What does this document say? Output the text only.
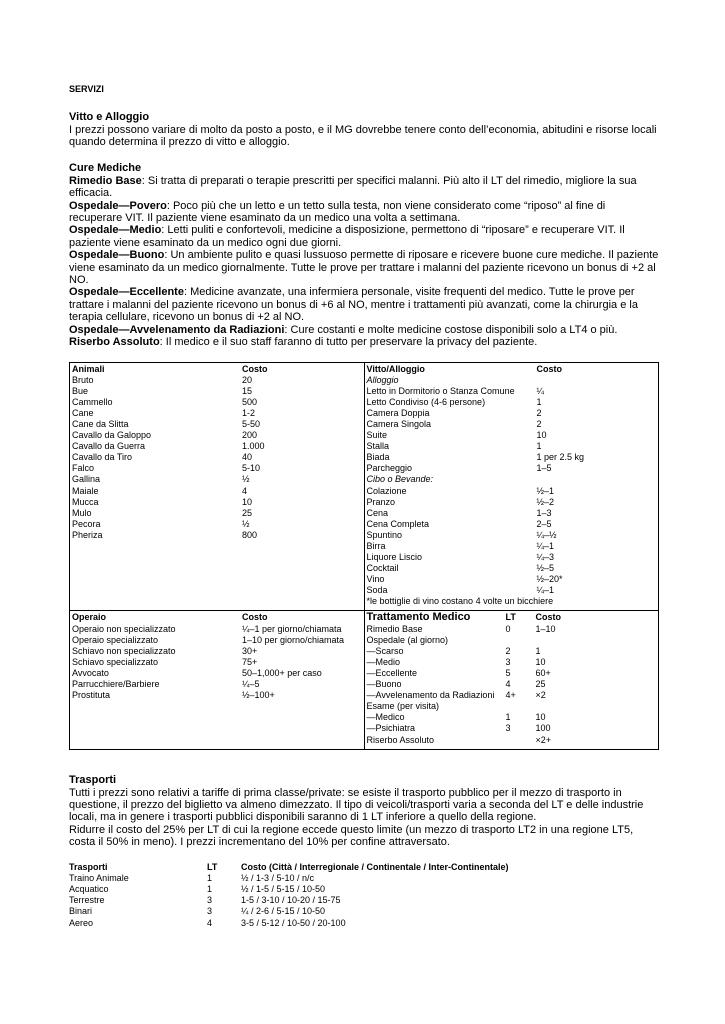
SERVIZI
Vitto e Alloggio
I prezzi possono variare di molto da posto a posto, e il MG dovrebbe tenere conto dell’economia, abitudini e risorse locali quando determina il prezzo di vitto e alloggio.
Cure Mediche
Rimedio Base: Si tratta di preparati o terapie prescritti per specifici malanni. Più alto il LT del rimedio, migliore la sua efficacia.
Ospedale—Povero: Poco più che un letto e un tetto sulla testa, non viene considerato come “riposo” al fine di recuperare VIT. Il paziente viene esaminato da un medico una volta a settimana.
Ospedale—Medio: Letti puliti e confortevoli, medicine a disposizione, permettono di “riposare” e recuperare VIT. Il paziente viene esaminato da un medico ogni due giorni.
Ospedale—Buono: Un ambiente pulito e quasi lussuoso permette di riposare e ricevere buone cure mediche. Il paziente viene esaminato da un medico giornalmente. Tutte le prove per trattare i malanni del paziente ricevono un bonus di +2 al NO.
Ospedale—Eccellente: Medicine avanzate, una infermiera personale, visite frequenti del medico. Tutte le prove per trattare i malanni del paziente ricevono un bonus di +6 al NO, mentre i trattamenti più avanzati, come la chirurgia e la terapia cellulare, ricevono un bonus di +2 al NO.
Ospedale—Avvelenamento da Radiazioni: Cure costanti e molte medicine costose disponibili solo a LT4 o più.
Riserbo Assoluto: Il medico e il suo staff faranno di tutto per preservare la privacy del paziente.
Animali	Costo
Bruto	20
Bue	15
Cammello	500
Cane	1-2
Cane da Slitta	5-50
Cavallo da Galoppo	200
Cavallo da Guerra	1.000
Cavallo da Tiro	40
Falco	5-10
Gallina	½
Maiale	4
Mucca	10
Mulo	25
Pecora	½
Pheriza	800

Vitto/Alloggio	Costo
Alloggio	
Letto in Dormitorio o Stanza Comune	¼
Letto Condiviso (4-6 persone)	1
Camera Doppia	2
Camera Singola	2
Suite	10
Stalla	1
Biada	1 per 2.5 kg
Parcheggio	1–5
Cibo o Bevande:	
Colazione	½–1
Pranzo	½–2
Cena	1–3
Cena Completa	2–5
Spuntino	¼–½
Birra	¼–1
Liquore Liscio	¼–3
Cocktail	½–5
Vino	½–20*
Soda	¼–1
*le bottiglie di vino costano 4 volte un bicchiere

Operaio	Costo
Operaio non specializzato	¼–1 per giorno/chiamata
Operaio specializzato	1–10 per giorno/chiamata
Schiavo non specializzato	30+
Schiavo specializzato	75+
Avvocato	50–1,000+ per caso
Parrucchiere/Barbiere	¼–5
Prostituta	½–100+

Trattamento Medico	LT	Costo
Rimedio Base	0	1–10
Ospedale (al giorno)		
—Scarso	2	1
—Medio	3	10
—Eccellente	5	60+
—Buono	4	25
—Avvelenamento da Radiazioni	4+	×2
Esame (per visita)		
—Medico	1	10
—Psichiatra	3	100
Riserbo Assoluto		×2+
Trasporti
Tutti i prezzi sono relativi a tariffe di prima classe/private: se esiste il trasporto pubblico per il mezzo di trasporto in questione, il prezzo del biglietto va almeno dimezzato. Il tipo di veicoli/trasporti varia a seconda del LT e delle industrie locali, ma in genere i trasporti pubblici disponibili saranno di 1 LT inferiore a quello della regione.
Ridurre il costo del 25% per LT di cui la regione eccede questo limite (un mezzo di trasporto LT2 in una regione LT5, costa il 50% in meno). I prezzi incrementano del 10% per confine attraversato.
Trasporti	LT	Costo (Città / Interregionale / Continentale / Inter-Continentale)
Traino Animale	1	½ / 1-3 / 5-10 / n/c
Acquatico	1	½ / 1-5 / 5-15 / 10-50
Terrestre	3	1-5 / 3-10 / 10-20 / 15-75
Binari	3	¼ / 2-6 / 5-15 / 10-50
Aereo	4	3-5 / 5-12 / 10-50 / 20-100
